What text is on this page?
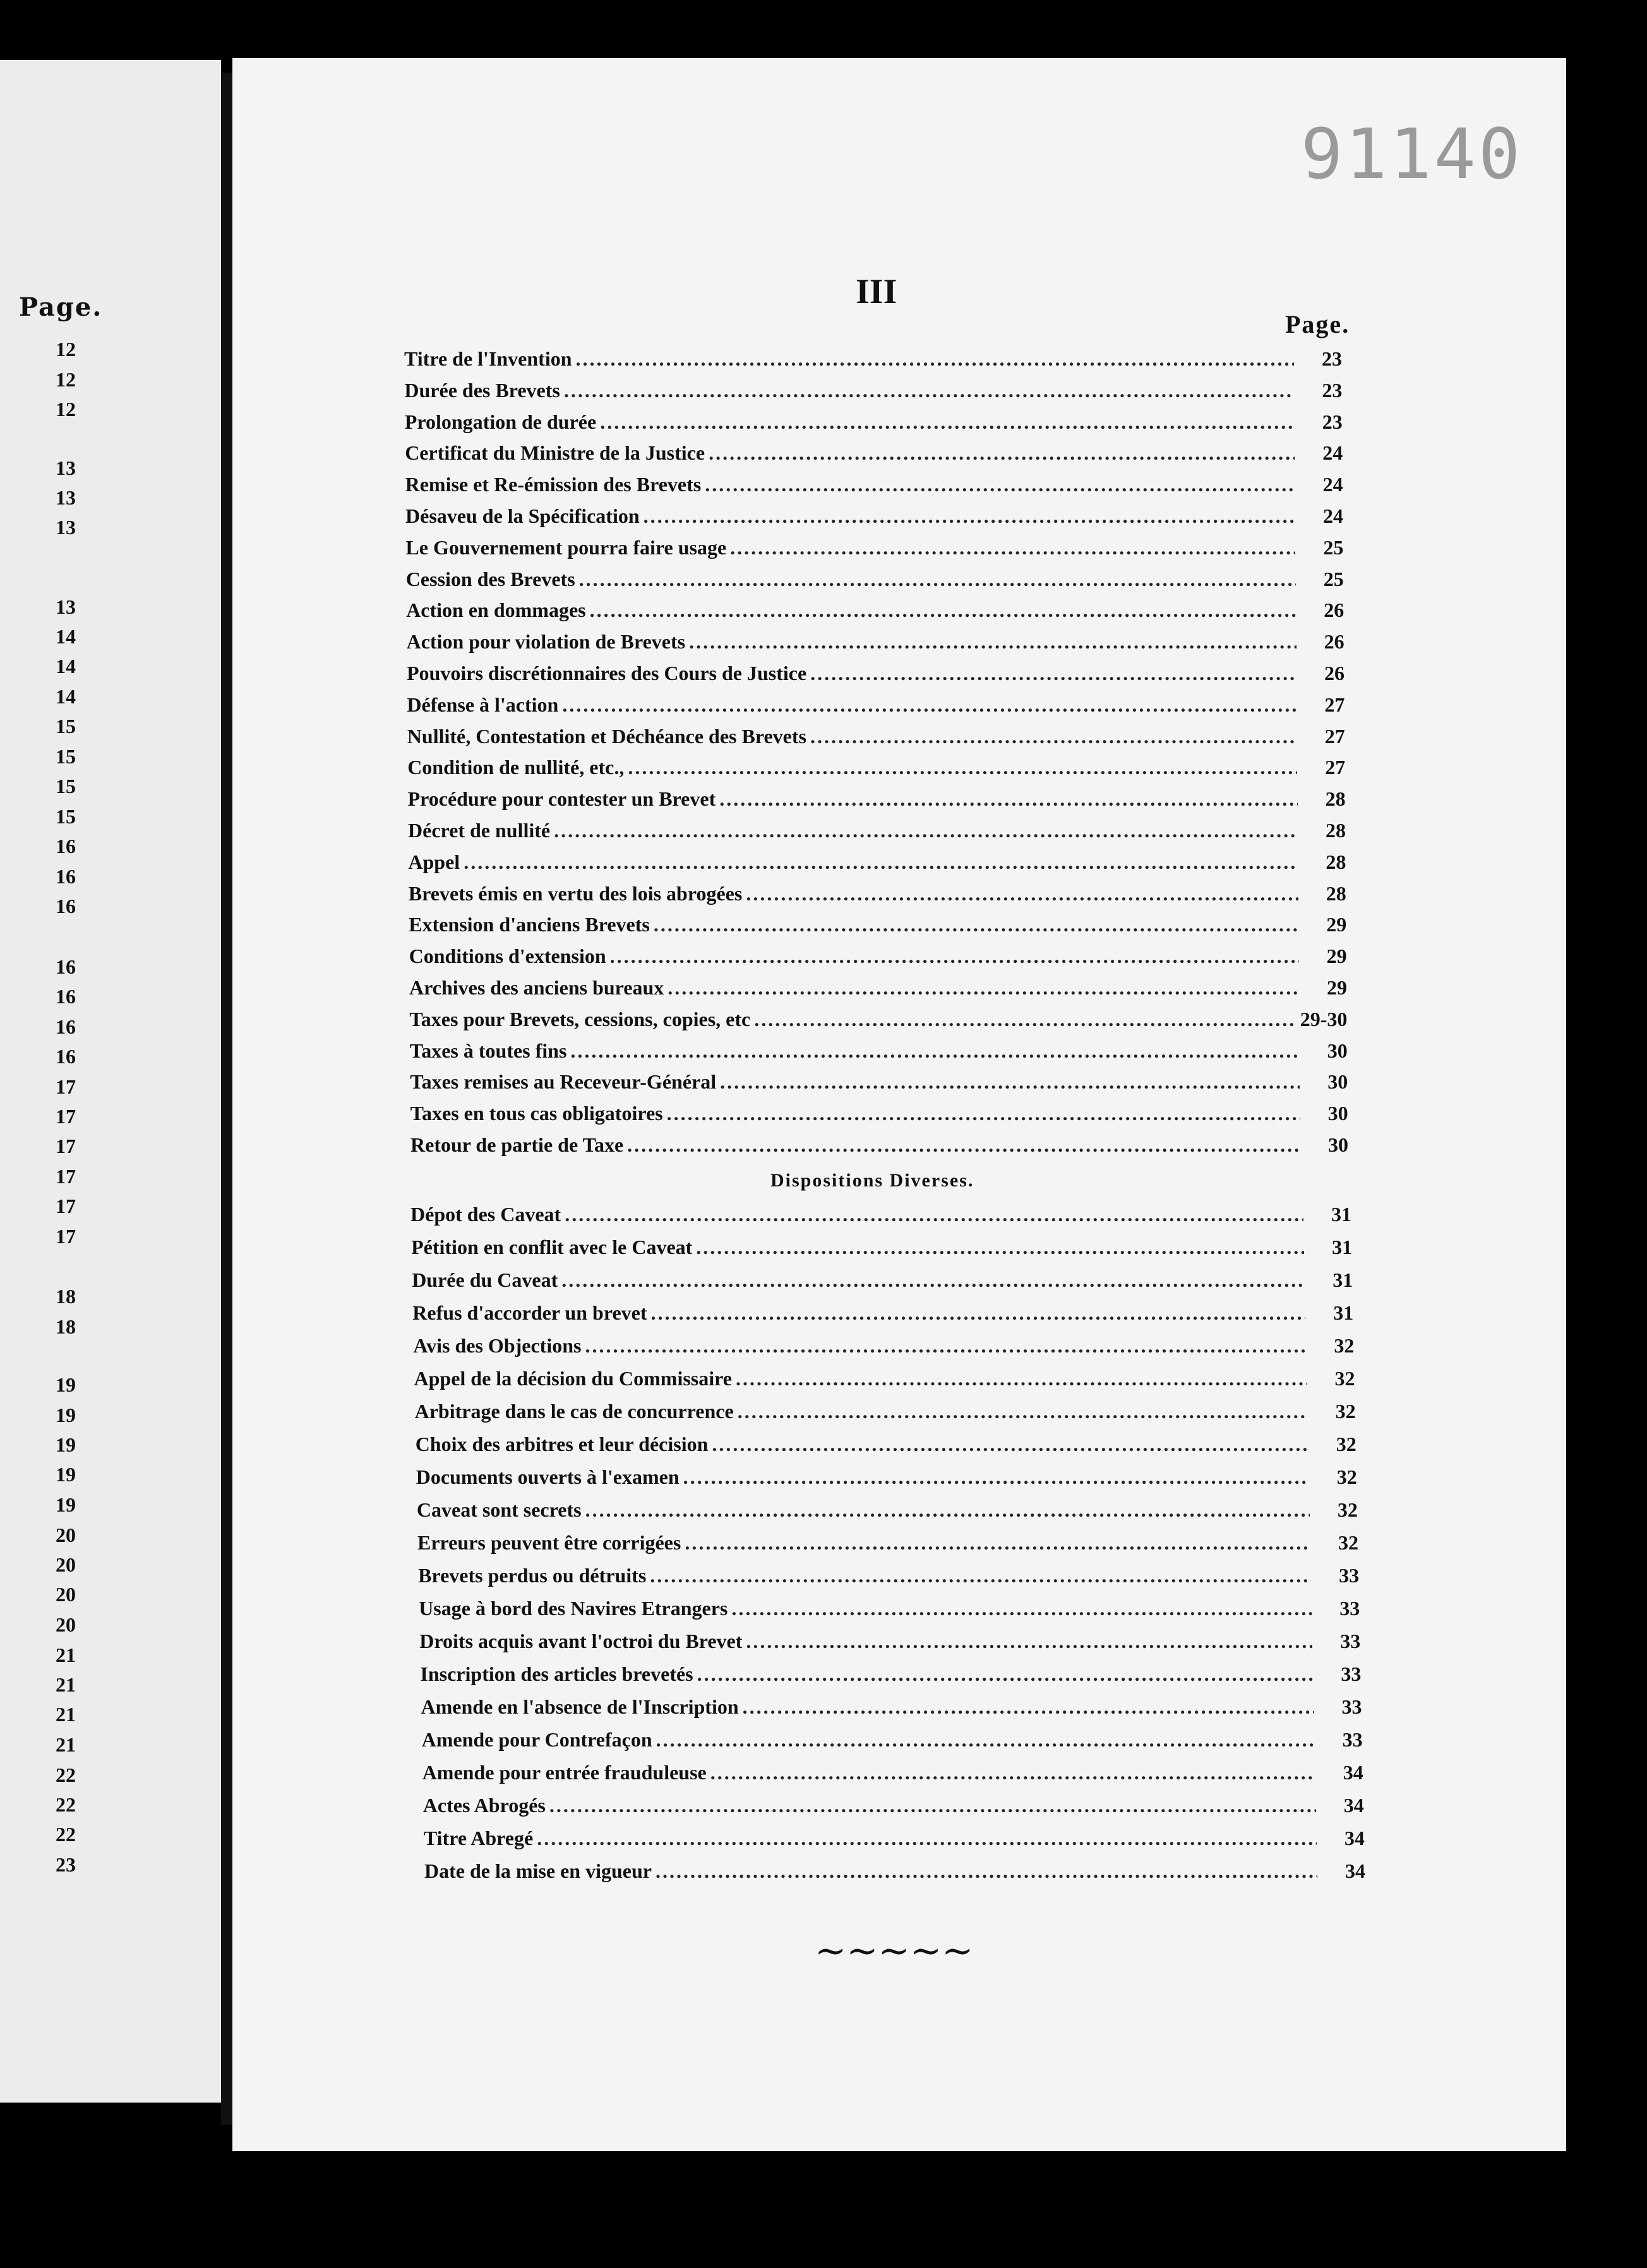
Page.
12
12
12
13
13
13
13
14
14
14
15
15
15
15
16
16
16
16
16
16
16
17
17
17
17
17
17
18
18
19
19
19
19
19
20
20
20
20
21
21
21
21
22
22
22
23
91140
III
Page.
Titre de l'Invention .....	23
Durée des Brevets .....	23
Prolongation de durée .....	23
Certificat du Ministre de la Justice .....	24
Remise et Re-émission des Brevets .....	24
Désaveu de la Spécification .....	24
Le Gouvernement pourra faire usage .....	25
Cession des Brevets .....	25
Action en dommages .....	26
Action pour violation de Brevets .....	26
Pouvoirs discrétionnaires des Cours de Justice .....	26
Défense à l'action .....	27
Nullité, Contestation et Déchéance des Brevets .....	27
Condition de nullité, etc., .....	27
Procédure pour contester un Brevet .....	28
Décret de nullité .....	28
Appel .....	28
Brevets émis en vertu des lois abrogées .....	28
Extension d'anciens Brevets .....	29
Conditions d'extension .....	29
Archives des anciens bureaux .....	29
Taxes pour Brevets, cessions, copies, etc .....	29-30
Taxes à toutes fins .....	30
Taxes remises au Receveur-Général .....	30
Taxes en tous cas obligatoires .....	30
Retour de partie de Taxe .....	30
Dispositions Diverses.
Dépot des Caveat .....	31
Pétition en conflit avec le Caveat .....	31
Durée du Caveat .....	31
Refus d'accorder un brevet .....	31
Avis des Objections .....	32
Appel de la décision du Commissaire .....	32
Arbitrage dans le cas de concurrence .....	32
Choix des arbitres et leur décision .....	32
Documents ouverts à l'examen .....	32
Caveat sont secrets .....	32
Erreurs peuvent être corrigées .....	32
Brevets perdus ou détruits .....	33
Usage à bord des Navires Etrangers .....	33
Droits acquis avant l'octroi du Brevet .....	33
Inscription des articles brevetés .....	33
Amende en l'absence de l'Inscription .....	33
Amende pour Contrefaçon .....	33
Amende pour entrée frauduleuse .....	34
Actes Abrogés .....	34
Titre Abregé .....	34
Date de la mise en vigueur .....	34
~~~~~
